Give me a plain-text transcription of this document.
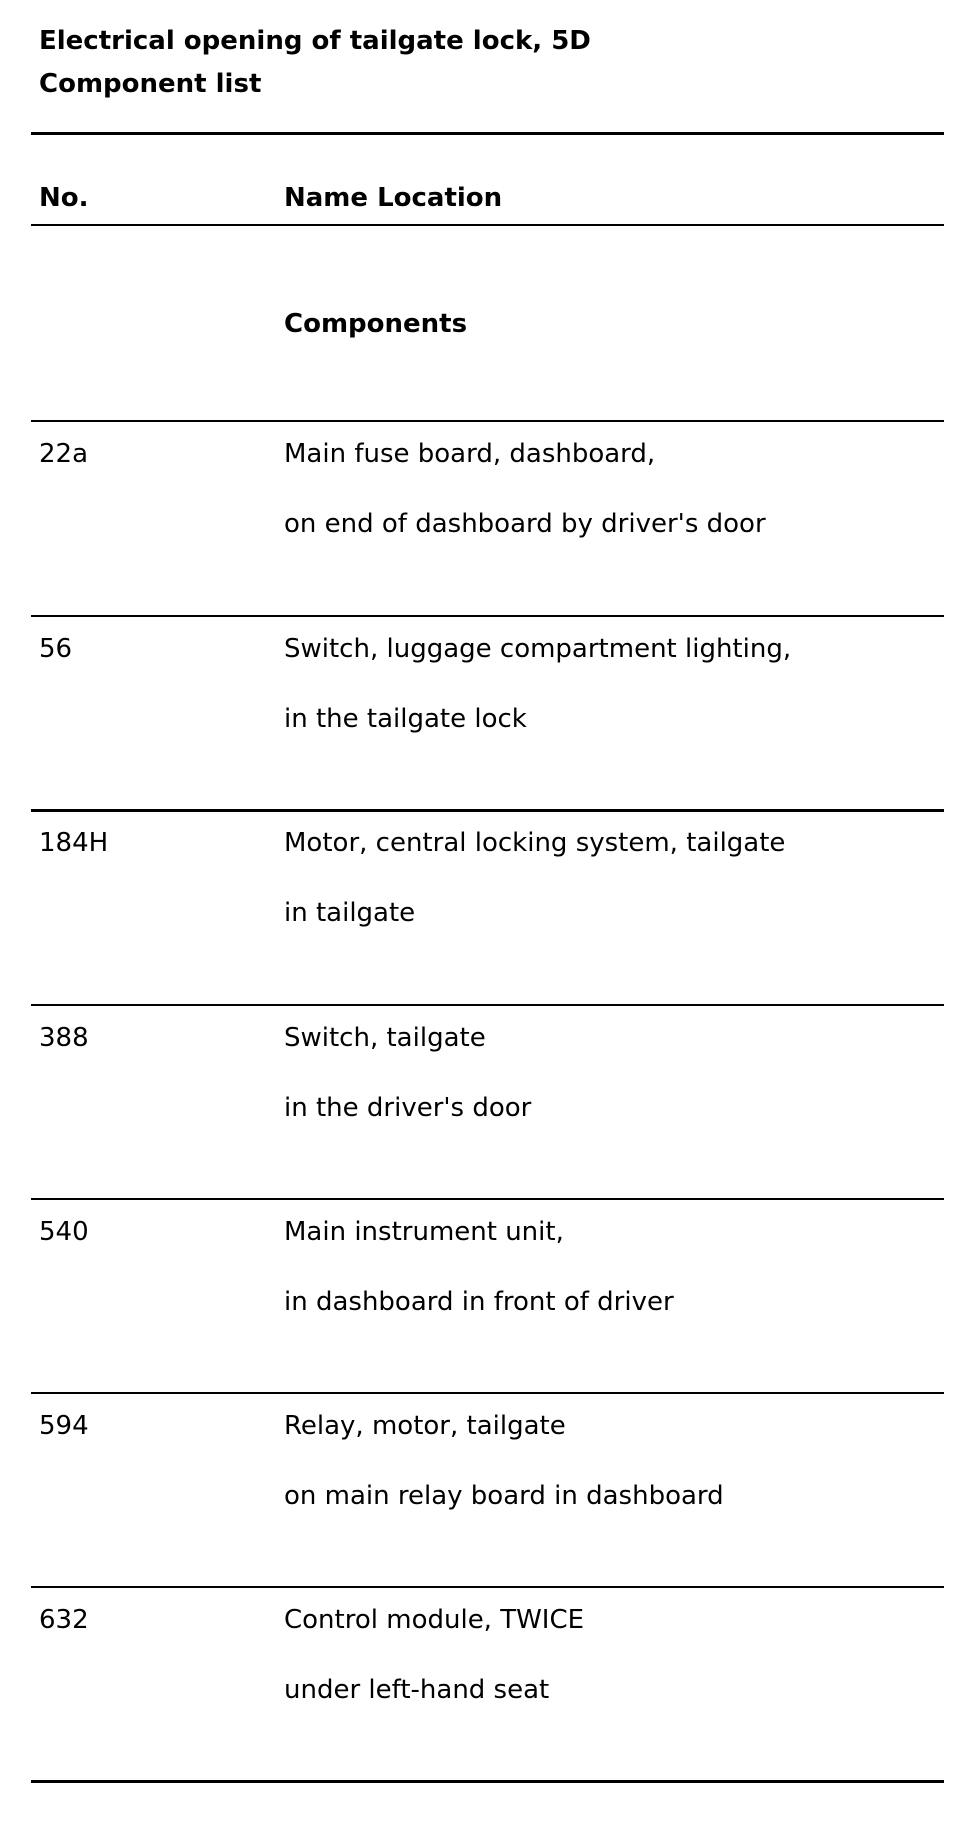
Electrical opening of tailgate lock, 5D
Component list
No.	Name Location
Components
22a	Main fuse board, dashboard,
on end of dashboard by driver's door
56	Switch, luggage compartment lighting,
in the tailgate lock
184H	Motor, central locking system, tailgate
in tailgate
388	Switch, tailgate
in the driver's door
540	Main instrument unit,
in dashboard in front of driver
594	Relay, motor, tailgate
on main relay board in dashboard
632	Control module, TWICE
under left-hand seat
